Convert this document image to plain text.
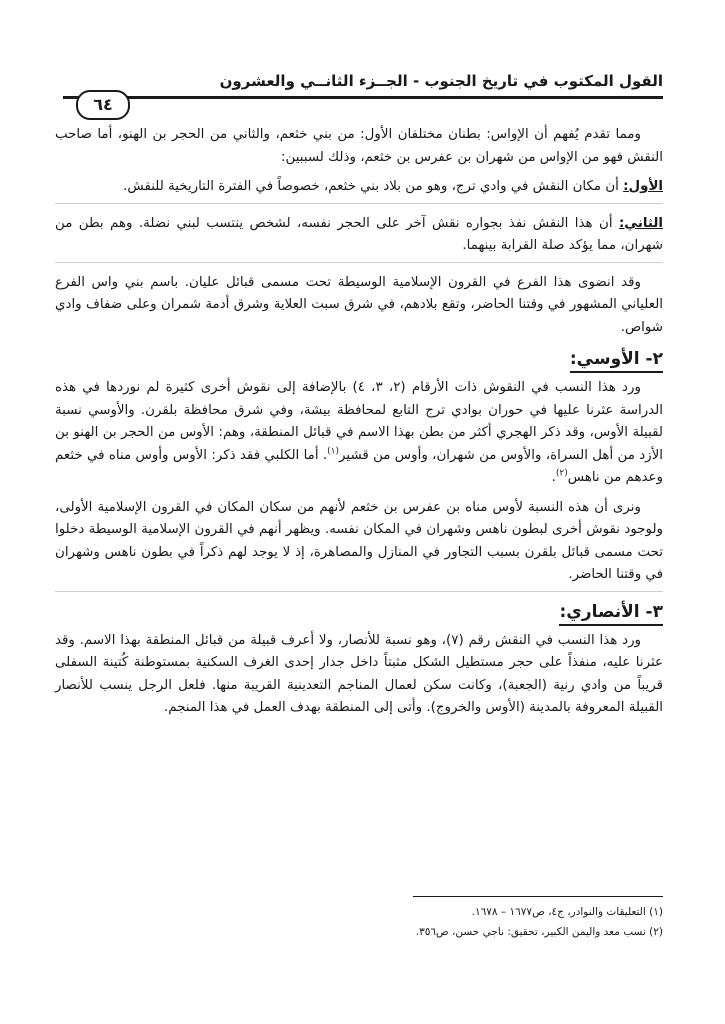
القول المكتوب في تاريخ الجنوب - الجــزء الثانــي والعشرون
٦٤

ومما تقدم يُفهم أن الإواس: بطنان مختلفان الأول: من بني خثعم، والثاني من الحجر بن الهنو، أما صاحب النقش فهو من الإواس من شهران بن عفرس بن خثعم، وذلك لسببين:

الأول: أن مكان النقش في وادي ترج، وهو من بلاد بني خثعم، خصوصاً في الفترة التاريخية للنقش.

الثاني: أن هذا النقش نفذ بجواره نقش آخر على الحجر نفسه، لشخص ينتسب لبني نضلة. وهم بطن من شهران، مما يؤكد صلة القرابة بينهما.

وقد انضوى هذا الفرع في القرون الإسلامية الوسيطة تحت مسمى قبائل عليان. باسم بني واس الفرع العلياني المشهور في وقتنا الحاضر، وتقع بلادهم، في شرق سبت العلاية وشرق أدمة شمران وعلى ضفاف وادي شواص.

٢- الأوسي:

ورد هذا النسب في النقوش ذات الأرقام (٢، ٣، ٤) بالإضافة إلى نقوش أخرى كثيرة لم نوردها في هذه الدراسة عثرنا عليها في حوران بوادي ترج التابع لمحافظة بيشة، وفي شرق محافظة بلقرن. والأوسي نسبة لقبيلة الأوس، وقد ذكر الهجري أكثر من بطن بهذا الاسم في قبائل المنطقة، وهم: الأوس من الحجر بن الهنو بن الأزد من أهل السراة، والأوس من شهران، وأوس من قشير$^{(١)}$. أما الكلبي فقد ذكر: الأوس وأوس مناه في خثعم وعدهم من ناهس$^{(٢)}$.

ونرى أن هذه النسبة لأوس مناه بن عفرس بن خثعم لأنهم من سكان المكان في القرون الإسلامية الأولى، ولوجود نقوش أخرى لبطون ناهس وشهران في المكان نفسه. ويظهر أنهم في القرون الإسلامية الوسيطة دخلوا تحت مسمى قبائل بلقرن بسبب التجاور في المنازل والمصاهرة، إذ لا يوجد لهم ذكراً في بطون ناهس وشهران في وقتنا الحاضر.

٣- الأنصاري:

ورد هذا النسب في النقش رقم (٧)، وهو نسبة للأنصار، ولا أعرف قبيلة من قبائل المنطقة بهذا الاسم. وقد عثرنا عليه، منفذاً على حجر مستطيل الشكل مثبتاً داخل جدار إحدى الغرف السكنية بمستوطنة كُتينة السفلى قريباً من وادي رنية (الجعبة)، وكانت سكن لعمال المناجم التعدينية القريبة منها. فلعل الرجل ينسب للأنصار القبيلة المعروفة بالمدينة (الأوس والخروج). وأتى إلى المنطقة بهدف العمل في هذا المنجم.

(١) التعليقات والنوادر، ج٤، ص١٦٧٧ – ١٦٧٨.
(٢) نسب معد واليمن الكبير، تحقيق: ناجي حسن، ص٣٥٦.
